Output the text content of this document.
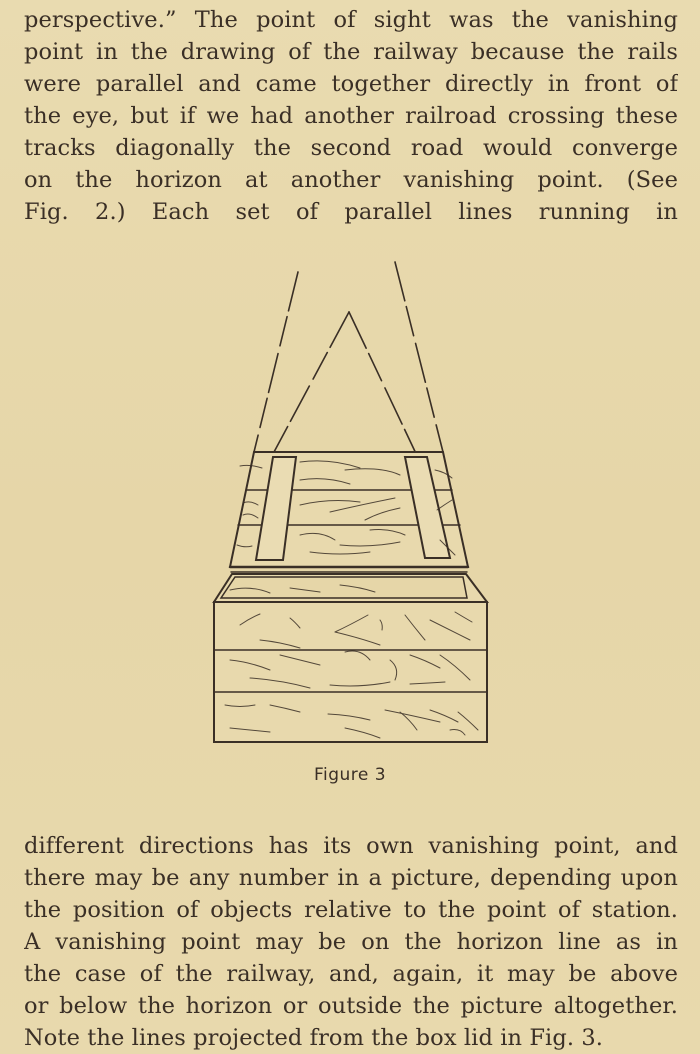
perspective.” The point of sight was the vanishing
point in the drawing of the railway because the rails
were parallel and came together directly in front of
the eye, but if we had another railroad crossing these
tracks diagonally the second road would converge
on the horizon at another vanishing point. (See
Fig. 2.) Each set of parallel lines running in
Figure 3
different directions has its own vanishing point, and
there may be any number in a picture, depending upon
the position of objects relative to the point of station.
A vanishing point may be on the horizon line as in
the case of the railway, and, again, it may be above
or below the horizon or outside the picture altogether.
Note the lines projected from the box lid in Fig. 3.
